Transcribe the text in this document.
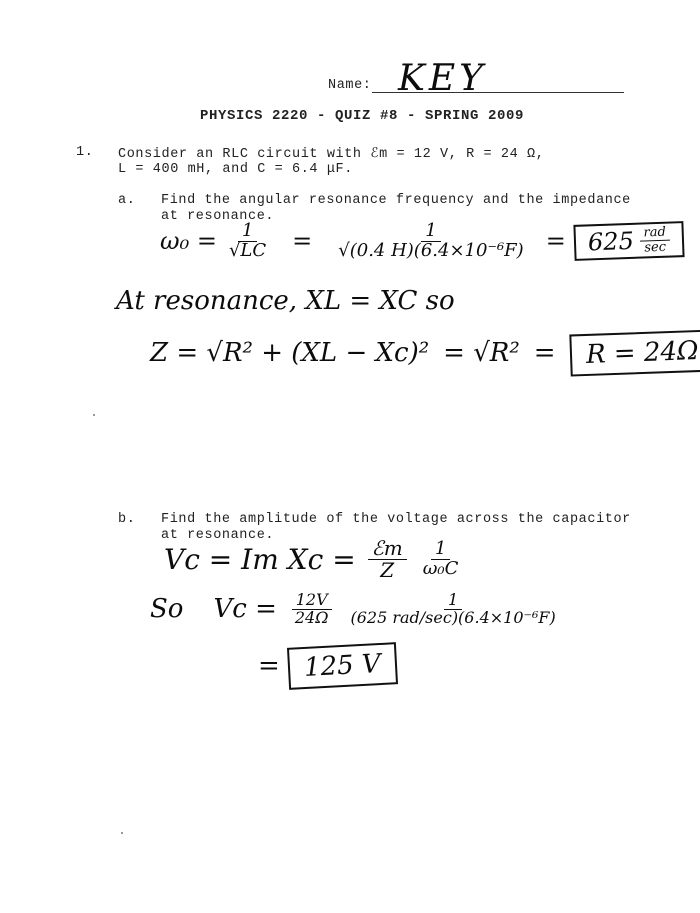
Name: KEY
PHYSICS 2220 - QUIZ #8 - SPRING 2009
1. Consider an RLC circuit with ℰm = 12 V, R = 24 Ω,
L = 400 mH, and C = 6.4 μF.
a. Find the angular resonance frequency and the impedance
at resonance.
$\omega_0 = \frac{1}{√LC} = \frac{1}{\text{√(0.4 H)(6.4×10⁻⁶F)}} = 625 \frac{\text{rad}}{\sec}$
At resonance, XL = XC so
Z = √R² + (XL − Xc)² = √R² =	R = 24Ω
b. Find the amplitude of the voltage across the capacitor
at resonance.
Vc = Im $Xc = \frac{\text{ℰm}}{Z} \frac{1}{\text{ω₀C}}$
So $Vc = \frac{12V}{24\Omega} \frac{1}{\text{(625 rad/sec)(6.4×10⁻⁶F)}}$
= 125 V
